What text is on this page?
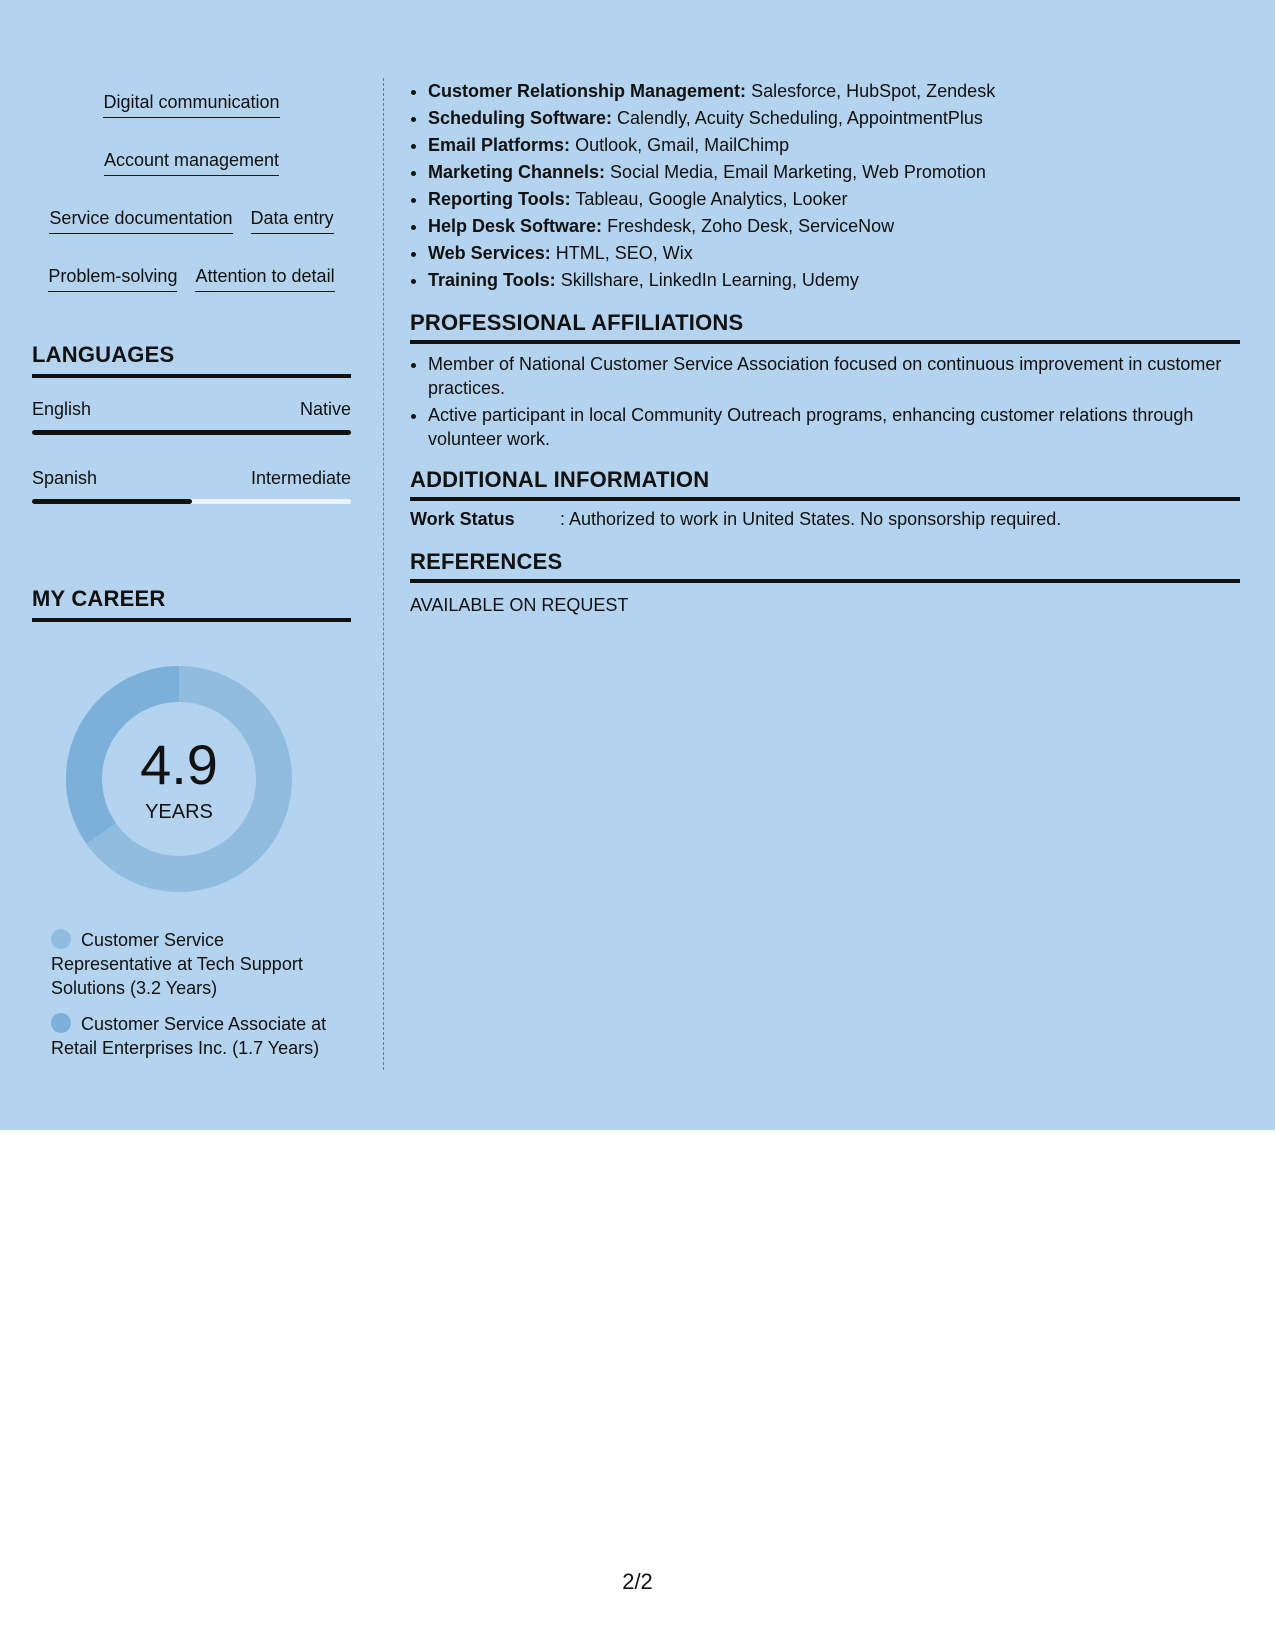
Digital communication
Account management
Service documentation Data entry
Problem-solving Attention to detail
LANGUAGES
English	Native
Spanish	Intermediate
MY CAREER
4.9
YEARS
Customer Service Representative at Tech Support Solutions (3.2 Years)
Customer Service Associate at Retail Enterprises Inc. (1.7 Years)
• Customer Relationship Management: Salesforce, HubSpot, Zendesk
• Scheduling Software: Calendly, Acuity Scheduling, AppointmentPlus
• Email Platforms: Outlook, Gmail, MailChimp
• Marketing Channels: Social Media, Email Marketing, Web Promotion
• Reporting Tools: Tableau, Google Analytics, Looker
• Help Desk Software: Freshdesk, Zoho Desk, ServiceNow
• Web Services: HTML, SEO, Wix
• Training Tools: Skillshare, LinkedIn Learning, Udemy
PROFESSIONAL AFFILIATIONS
• Member of National Customer Service Association focused on continuous improvement in customer practices.
• Active participant in local Community Outreach programs, enhancing customer relations through volunteer work.
ADDITIONAL INFORMATION
Work Status	: Authorized to work in United States. No sponsorship required.
REFERENCES
AVAILABLE ON REQUEST
2/2
